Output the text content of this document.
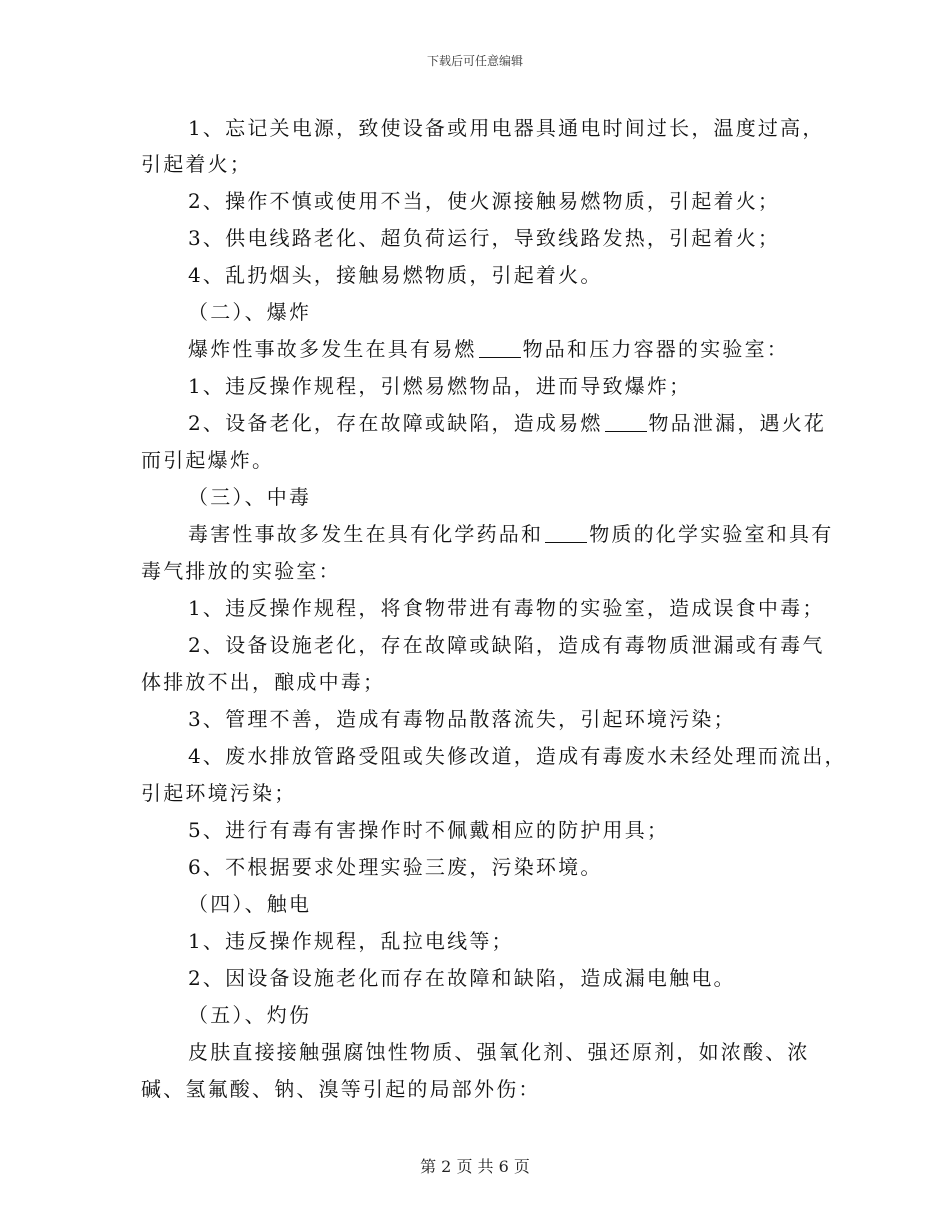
下载后可任意编辑
1、忘记关电源，致使设备或用电器具通电时间过长，温度过高，
引起着火；
2、操作不慎或使用不当，使火源接触易燃物质，引起着火；
3、供电线路老化、超负荷运行，导致线路发热，引起着火；
4、乱扔烟头，接触易燃物质，引起着火。
（二）、爆炸
爆炸性事故多发生在具有易燃 物品和压力容器的实验室：
1、违反操作规程，引燃易燃物品，进而导致爆炸；
2、设备老化，存在故障或缺陷，造成易燃 物品泄漏，遇火花
而引起爆炸。
（三）、中毒
毒害性事故多发生在具有化学药品和 物质的化学实验室和具有
毒气排放的实验室：
1、违反操作规程，将食物带进有毒物的实验室，造成误食中毒；
2、设备设施老化，存在故障或缺陷，造成有毒物质泄漏或有毒气
体排放不出，酿成中毒；
3、管理不善，造成有毒物品散落流失，引起环境污染；
4、废水排放管路受阻或失修改道，造成有毒废水未经处理而流出，
引起环境污染；
5、进行有毒有害操作时不佩戴相应的防护用具；
6、不根据要求处理实验三废，污染环境。
（四）、触电
1、违反操作规程，乱拉电线等；
2、因设备设施老化而存在故障和缺陷，造成漏电触电。
（五）、灼伤
皮肤直接接触强腐蚀性物质、强氧化剂、强还原剂，如浓酸、浓
碱、氢氟酸、钠、溴等引起的局部外伤：
第 2 页 共 6 页
